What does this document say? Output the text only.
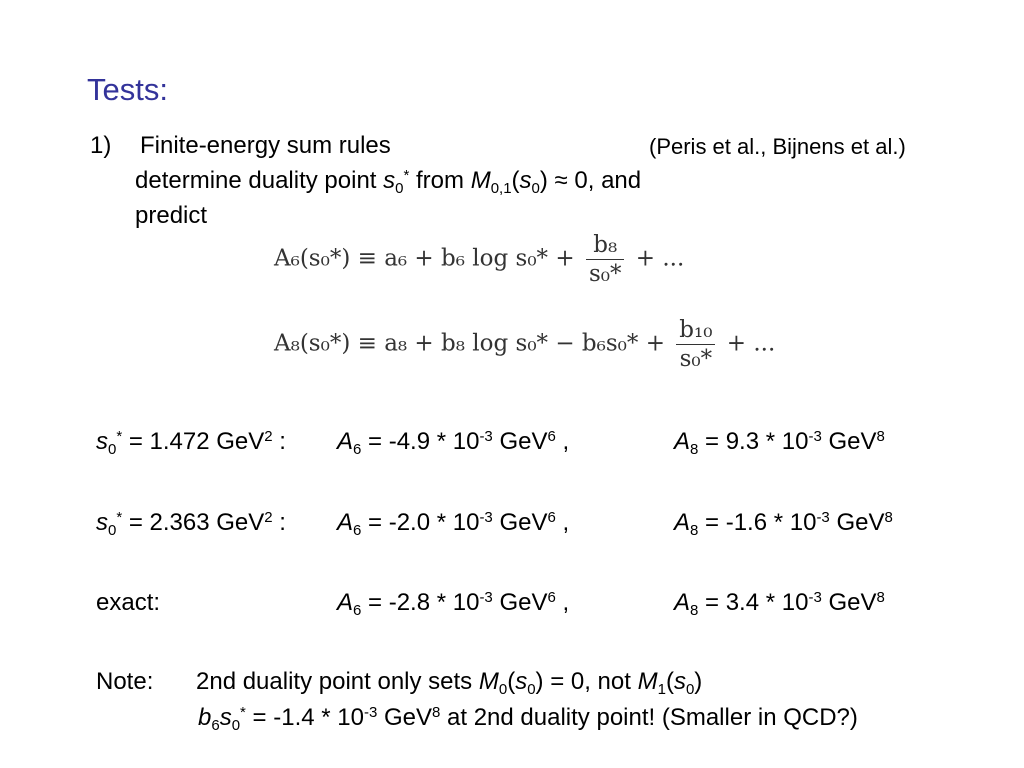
Tests:
1) Finite-energy sum rules	(Peris et al., Bijnens et al.)
determine duality point $s_0^*$ from $M_{0,1}(s_0) \approx 0$, and
predict
A₆(s₀*) ≡ a₆ + b₆ $\log s_0* + \frac{\text{b₈}}{\text{s₀*}}$ + ...
A₈(s₀*) ≡ a₈ + b₈ $\log s_0* - b_6s_0* + \frac{\text{b₁₀}}{\text{s₀*}}$ + ...
$s_0^* = 1.472$ GeV$^2$ : $A_6 = -4.9 * 10^{-3}$ GeV$^6$ ,	$A_8 = 9.3 * 10^{-3}$ GeV$^8$
$s_0^* = 2.363$ GeV$^2$ : $A_6 = -2.0 * 10^{-3}$ GeV$^6$ ,	$A_8 = -1.6 * 10^{-3}$ GeV$^8$
exact:	$A_6 = -2.8 * 10^{-3}$ GeV$^6$ ,	$A_8 = 3.4 * 10^{-3}$ GeV$^8$
Note: 2nd duality point only sets $M_0(s_0) = 0$, not $M_1(s_0)$
$b_6s_0^* = -1.4 * 10^{-3}$ GeV$^8$ at 2nd duality point! (Smaller in QCD?)
